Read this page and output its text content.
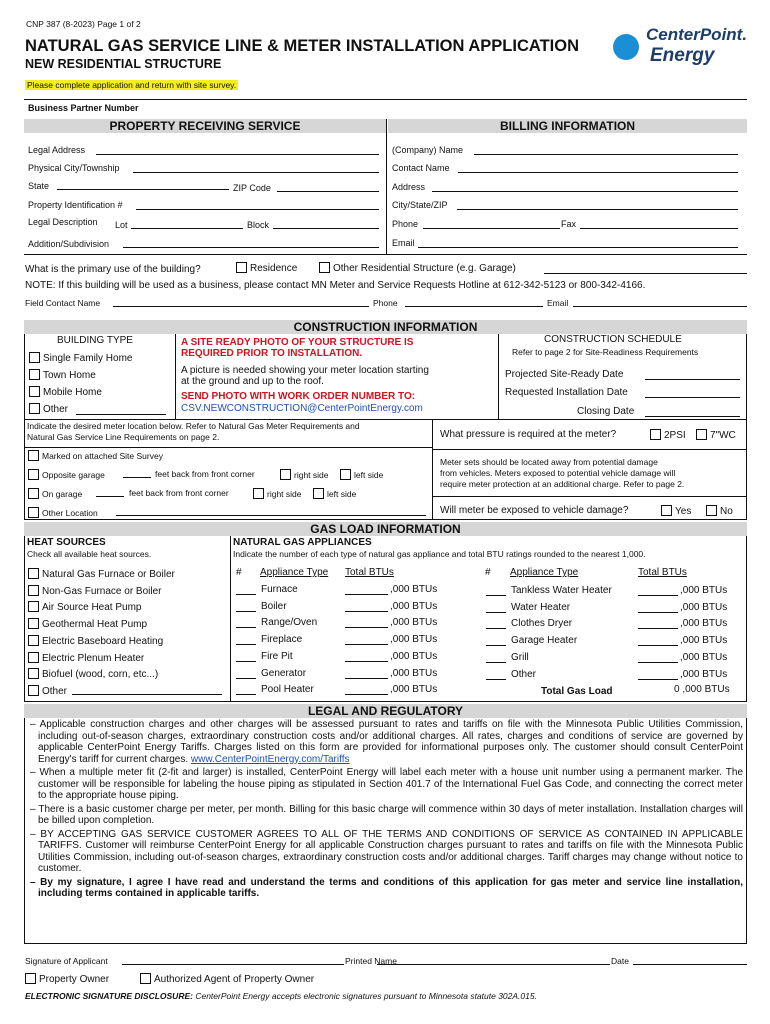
CNP 387 (8-2023) Page 1 of 2
NATURAL GAS SERVICE LINE & METER INSTALLATION APPLICATION
NEW RESIDENTIAL STRUCTURE
Please complete application and return with site survey.
CenterPoint.
Energy
Business Partner Number
PROPERTY RECEIVING SERVICE	BILLING INFORMATION
Legal Address
Physical City/Township
State	ZIP Code
Property Identification #
Legal Description Lot	Block
Addition/Subdivision
(Company) Name
Contact Name
Address
City/State/ZIP
Phone	Fax
Email
What is the primary use of the building?	Residence	Other Residential Structure (e.g. Garage)
NOTE: If this building will be used as a business, please contact MN Meter and Service Requests Hotline at 612-342-5123 or 800-342-4166.
Field Contact Name	Phone	Email
CONSTRUCTION INFORMATION
BUILDING TYPE
Single Family Home
Town Home
Mobile Home
Other
A SITE READY PHOTO OF YOUR STRUCTURE IS
REQUIRED PRIOR TO INSTALLATION.
A picture is needed showing your meter location starting
at the ground and up to the roof.
SEND PHOTO WITH WORK ORDER NUMBER TO:
CSV.NEWCONSTRUCTION@CenterPointEnergy.com
CONSTRUCTION SCHEDULE
Refer to page 2 for Site-Readiness Requirements
Projected Site-Ready Date
Requested Installation Date
Closing Date
Indicate the desired meter location below. Refer to Natural Gas Meter Requirements and
Natural Gas Service Line Requirements on page 2.
Marked on attached Site Survey
Opposite garage	feet back from front corner	right side	left side
On garage	feet back from front corner	right side	left side
Other Location
What pressure is required at the meter?	2PSI	7"WC
Meter sets should be located away from potential damage
from vehicles. Meters exposed to potential vehicle damage will
require meter protection at an additional charge. Refer to page 2.
Will meter be exposed to vehicle damage?	Yes	No
GAS LOAD INFORMATION
HEAT SOURCES
Check all available heat sources.
NATURAL GAS APPLIANCES
Indicate the number of each type of natural gas appliance and total BTU ratings rounded to the nearest 1,000.
Natural Gas Furnace or Boiler
Non-Gas Furnace or Boiler
Air Source Heat Pump
Geothermal Heat Pump
Electric Baseboard Heating
Electric Plenum Heater
Biofuel (wood, corn, etc...)
Other
# Appliance Type Total BTUs	# Appliance Type	Total BTUs
Furnace	,000 BTUs
Boiler	,000 BTUs
Range/Oven	,000 BTUs
Fireplace	,000 BTUs
Fire Pit	,000 BTUs
Generator	,000 BTUs
Pool Heater	,000 BTUs
Tankless Water Heater	,000 BTUs
Water Heater	,000 BTUs
Clothes Dryer	,000 BTUs
Garage Heater	,000 BTUs
Grill	,000 BTUs
Other	,000 BTUs
Total Gas Load	0 ,000 BTUs
LEGAL AND REGULATORY

– Applicable construction charges and other charges will be assessed pursuant to rates and tariffs on file with the Minnesota Public Utilities Commission, including out-of-season charges, extraordinary construction costs and/or additional charges. All rates, charges and conditions of service are governed by applicable CenterPoint Energy Tariffs. Charges listed on this form are provided for informational purposes only. The customer should consult CenterPoint Energy's tariff for current charges. www.CenterPointEnergy.com/Tariffs

– When a multiple meter fit (2-fit and larger) is installed, CenterPoint Energy will label each meter with a house unit number using a permanent marker. The customer will be responsible for labeling the house piping as stipulated in Section 401.7 of the International Fuel Gas Code, and connecting the correct meter to the appropriate house piping.

– There is a basic customer charge per meter, per month. Billing for this basic charge will commence within 30 days of meter installation. Installation charges will be billed upon completion.

– BY ACCEPTING GAS SERVICE CUSTOMER AGREES TO ALL OF THE TERMS AND CONDITIONS OF SERVICE AS CONTAINED IN APPLICABLE TARIFFS. Customer will reimburse CenterPoint Energy for all applicable Construction charges pursuant to rates and tariffs on file with the Minnesota Public Utilities Commission, including out-of-season charges, extraordinary construction costs and/or additional charges. Tariff charges may change without notice to customer.

– By my signature, I agree I have read and understand the terms and conditions of this application for gas meter and service line installation, including terms contained in applicable tariffs.

Signature of Applicant	Printed Name	Date
Property Owner	Authorized Agent of Property Owner
ELECTRONIC SIGNATURE DISCLOSURE: CenterPoint Energy accepts electronic signatures pursuant to Minnesota statute 302A.015.
